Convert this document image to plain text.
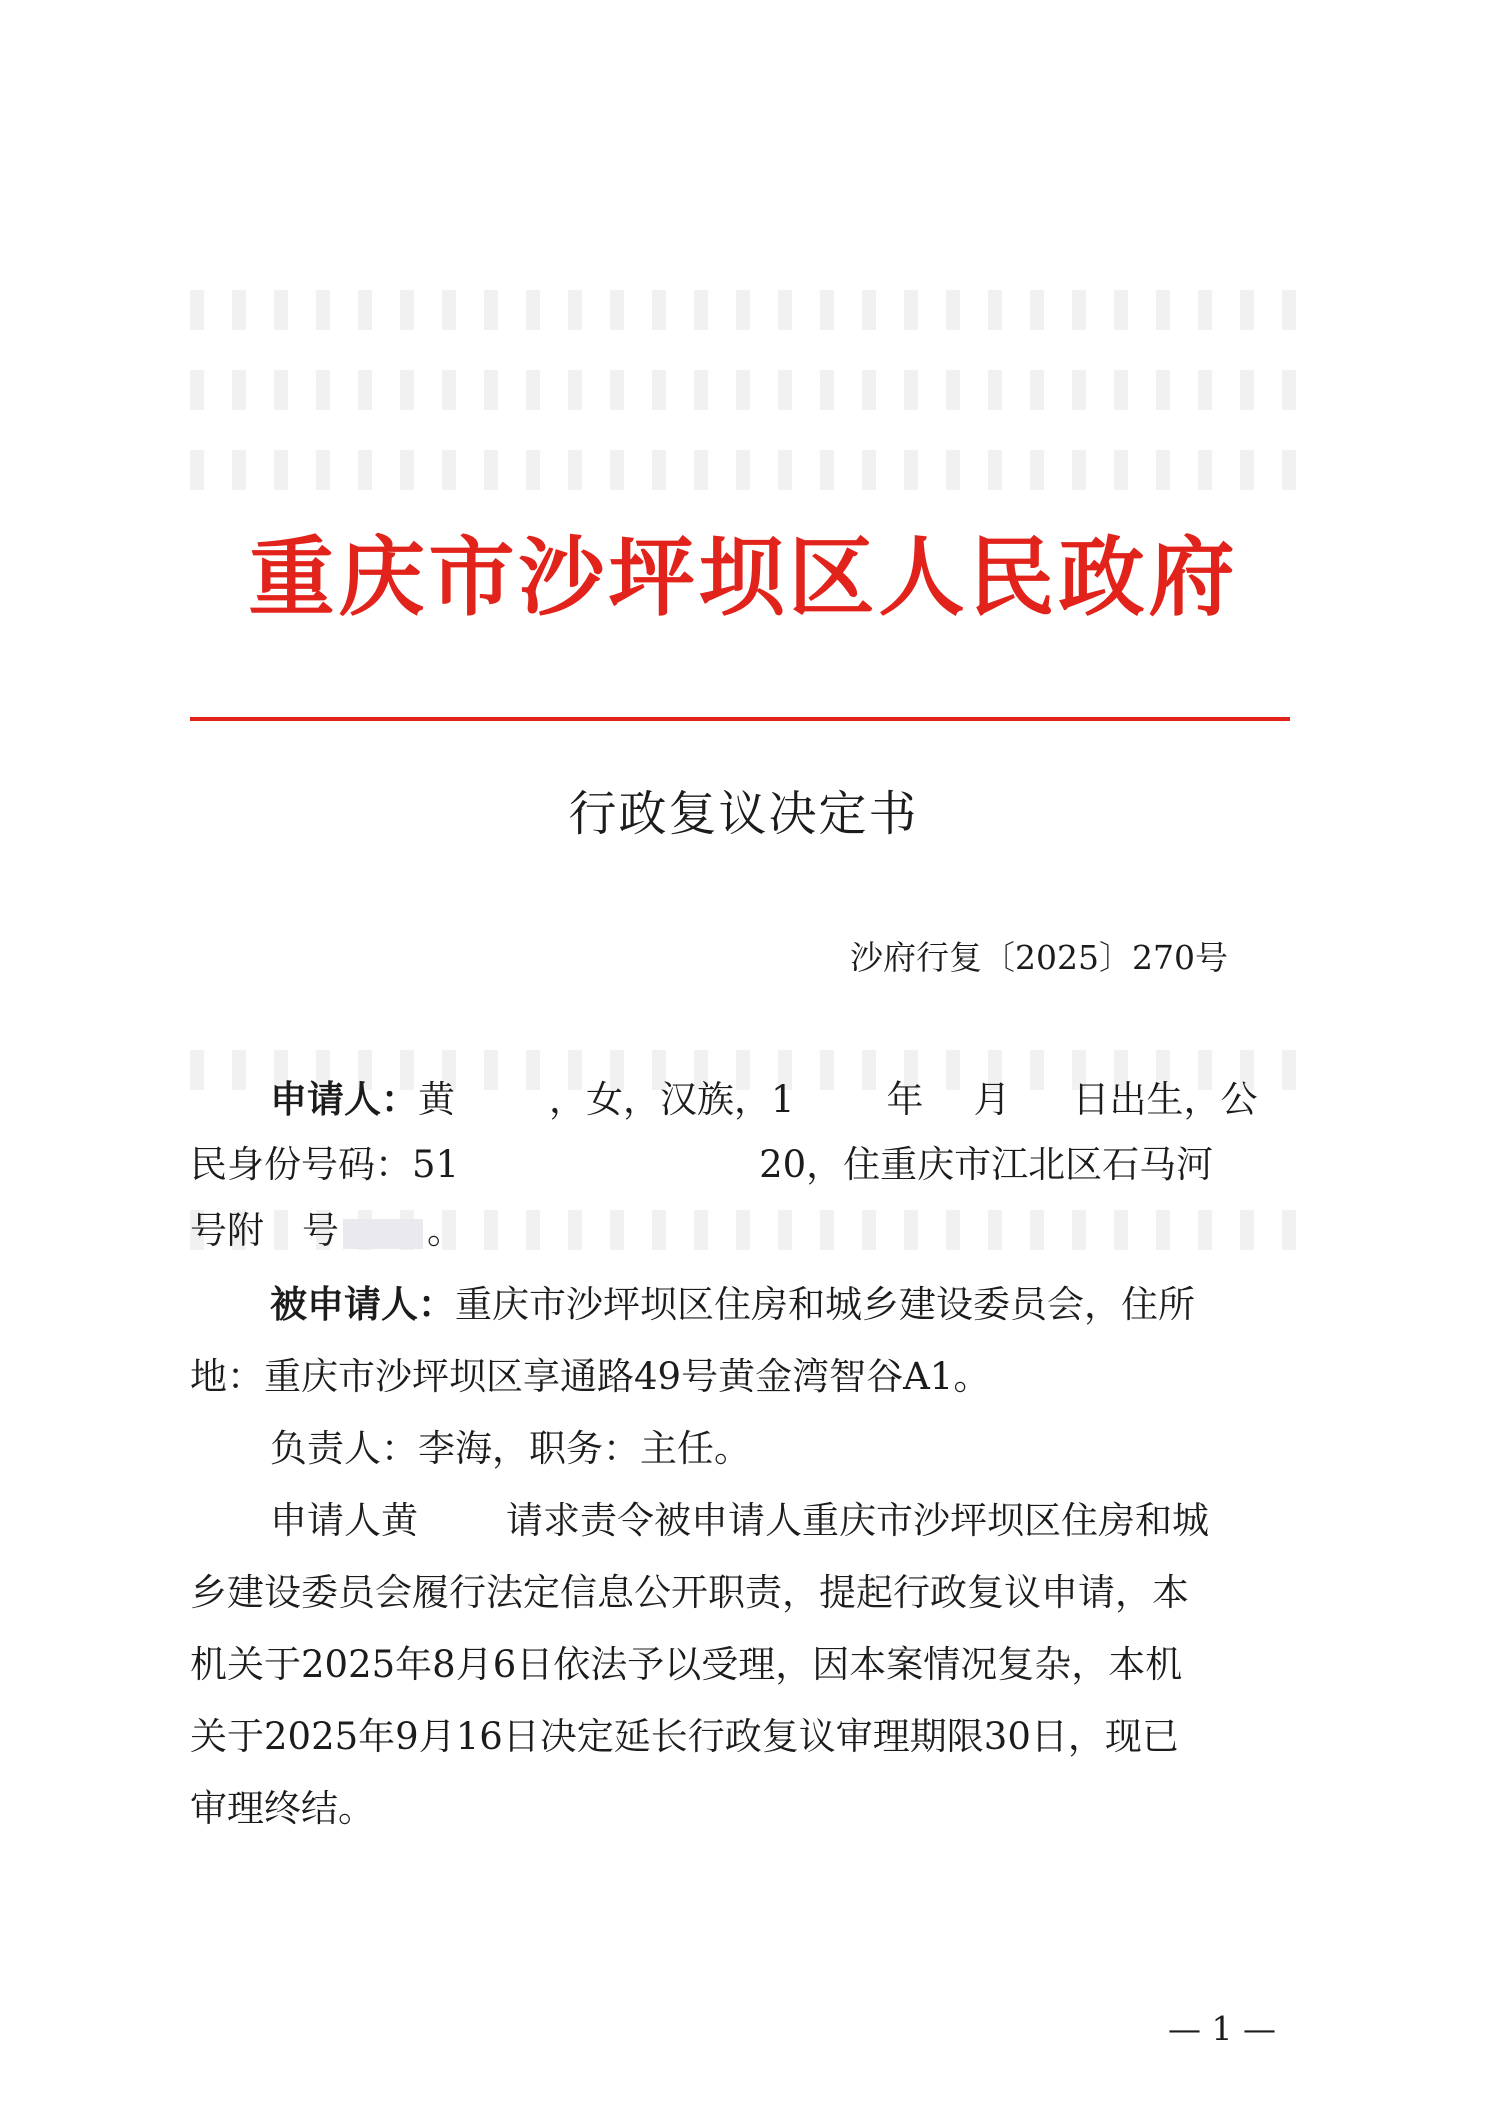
重庆市沙坪坝区人民政府
行政复议决定书
沙府行复〔2025〕270号
申请人：黄	，女，汉族，1 年 月 日出生，公
民身份号码：51	20，住重庆市江北区石马河
号附 号 。
被申请人：重庆市沙坪坝区住房和城乡建设委员会，住所
地：重庆市沙坪坝区享通路49号黄金湾智谷A1。
负责人：李海，职务：主任。
申请人黄 请求责令被申请人重庆市沙坪坝区住房和城
乡建设委员会履行法定信息公开职责，提起行政复议申请，本
机关于2025年8月6日依法予以受理，因本案情况复杂，本机
关于2025年9月16日决定延长行政复议审理期限30日，现已
审理终结。
— 1 —
